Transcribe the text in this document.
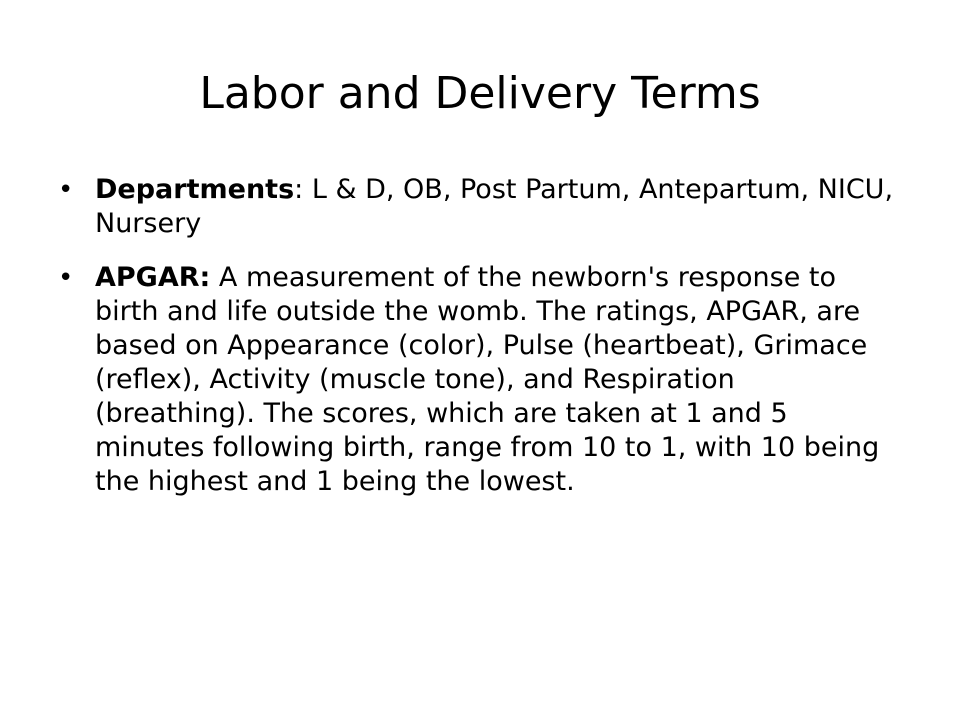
Labor and Delivery Terms
• Departments: L & D, OB, Post Partum, Antepartum, NICU, Nursery
• APGAR: A measurement of the newborn's response to birth and life outside the womb. The ratings, APGAR, are based on Appearance (color), Pulse (heartbeat), Grimace (reflex), Activity (muscle tone), and Respiration (breathing). The scores, which are taken at 1 and 5 minutes following birth, range from 10 to 1, with 10 being the highest and 1 being the lowest.
